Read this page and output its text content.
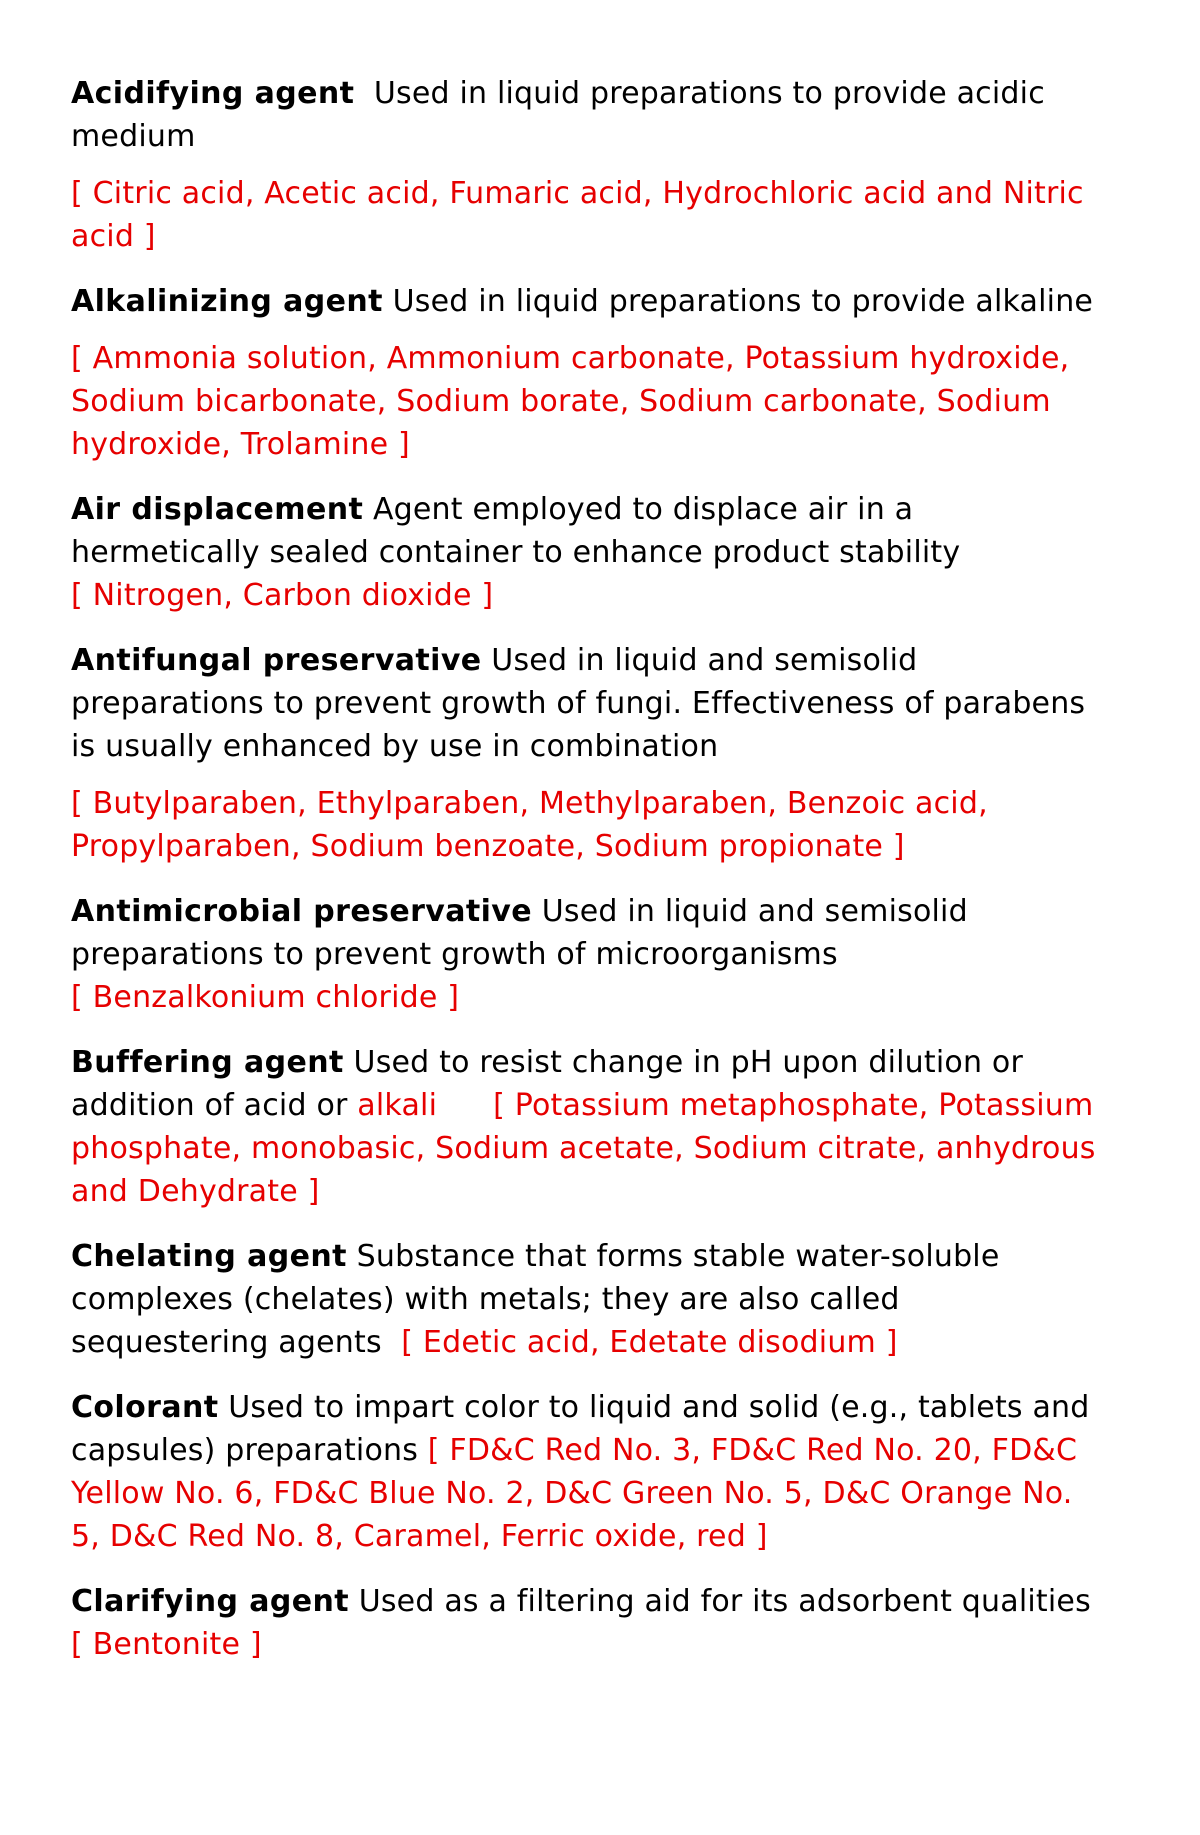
Acidifying agent  Used in liquid preparations to provide acidic
medium
[ Citric acid, Acetic acid, Fumaric acid, Hydrochloric acid and Nitric
acid ]
Alkalinizing agent Used in liquid preparations to provide alkaline
[ Ammonia solution, Ammonium carbonate, Potassium hydroxide,
Sodium bicarbonate, Sodium borate, Sodium carbonate, Sodium
hydroxide, Trolamine ]
Air displacement Agent employed to displace air in a
hermetically sealed container to enhance product stability
[ Nitrogen, Carbon dioxide ]
Antifungal preservative Used in liquid and semisolid
preparations to prevent growth of fungi. Effectiveness of parabens
is usually enhanced by use in combination
[ Butylparaben, Ethylparaben, Methylparaben, Benzoic acid,
Propylparaben, Sodium benzoate, Sodium propionate ]
Antimicrobial preservative Used in liquid and semisolid
preparations to prevent growth of microorganisms
[ Benzalkonium chloride ]
Buffering agent Used to resist change in pH upon dilution or
addition of acid or alkali [ Potassium metaphosphate, Potassium
phosphate, monobasic, Sodium acetate, Sodium citrate, anhydrous
and Dehydrate ]
Chelating agent Substance that forms stable water-soluble
complexes (chelates) with metals; they are also called
sequestering agents  [ Edetic acid, Edetate disodium ]
Colorant Used to impart color to liquid and solid (e.g., tablets and
capsules) preparations [ FD&C Red No. 3, FD&C Red No. 20, FD&C
Yellow No. 6, FD&C Blue No. 2, D&C Green No. 5, D&C Orange No.
5, D&C Red No. 8, Caramel, Ferric oxide, red ]
Clarifying agent Used as a filtering aid for its adsorbent qualities
[ Bentonite ]
